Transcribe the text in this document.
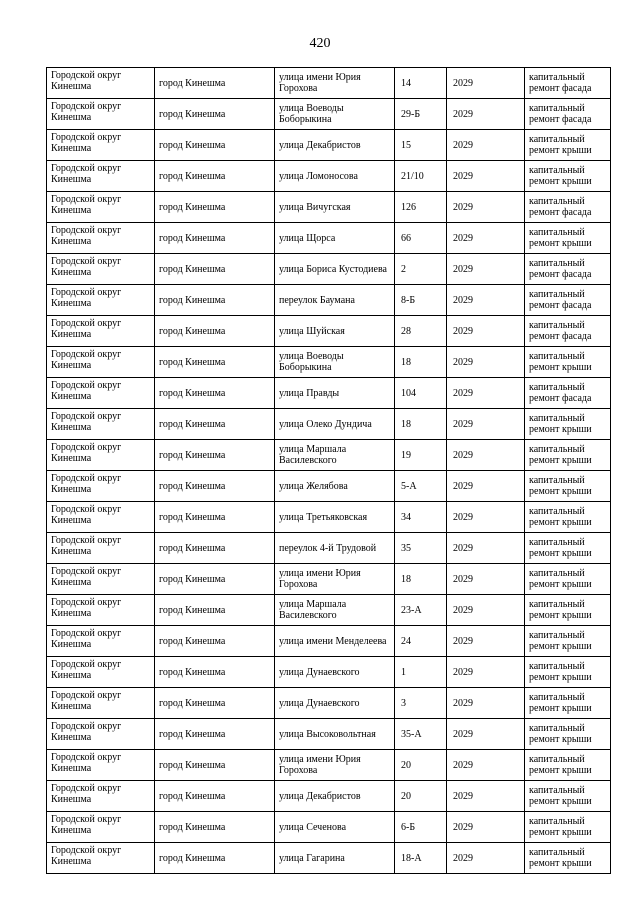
420
Городской округ Кинешма	город Кинешма	улица имени Юрия Горохова	14	2029	капитальный ремонт фасада
Городской округ Кинешма	город Кинешма	улица Воеводы Боборыкина	29-Б	2029	капитальный ремонт фасада
Городской округ Кинешма	город Кинешма	улица Декабристов	15	2029	капитальный ремонт крыши
Городской округ Кинешма	город Кинешма	улица Ломоносова	21/10	2029	капитальный ремонт крыши
Городской округ Кинешма	город Кинешма	улица Вичугская	126	2029	капитальный ремонт фасада
Городской округ Кинешма	город Кинешма	улица Щорса	66	2029	капитальный ремонт крыши
Городской округ Кинешма	город Кинешма	улица Бориса Кустодиева	2	2029	капитальный ремонт фасада
Городской округ Кинешма	город Кинешма	переулок Баумана	8-Б	2029	капитальный ремонт фасада
Городской округ Кинешма	город Кинешма	улица Шуйская	28	2029	капитальный ремонт фасада
Городской округ Кинешма	город Кинешма	улица Воеводы Боборыкина	18	2029	капитальный ремонт крыши
Городской округ Кинешма	город Кинешма	улица Правды	104	2029	капитальный ремонт фасада
Городской округ Кинешма	город Кинешма	улица Олеко Дундича	18	2029	капитальный ремонт крыши
Городской округ Кинешма	город Кинешма	улица Маршала Василевского	19	2029	капитальный ремонт крыши
Городской округ Кинешма	город Кинешма	улица Желябова	5-А	2029	капитальный ремонт крыши
Городской округ Кинешма	город Кинешма	улица Третьяковская	34	2029	капитальный ремонт крыши
Городской округ Кинешма	город Кинешма	переулок 4-й Трудовой	35	2029	капитальный ремонт крыши
Городской округ Кинешма	город Кинешма	улица имени Юрия Горохова	18	2029	капитальный ремонт крыши
Городской округ Кинешма	город Кинешма	улица Маршала Василевского	23-А	2029	капитальный ремонт крыши
Городской округ Кинешма	город Кинешма	улица имени Менделеева	24	2029	капитальный ремонт крыши
Городской округ Кинешма	город Кинешма	улица Дунаевского	1	2029	капитальный ремонт крыши
Городской округ Кинешма	город Кинешма	улица Дунаевского	3	2029	капитальный ремонт крыши
Городской округ Кинешма	город Кинешма	улица Высоковольтная	35-А	2029	капитальный ремонт крыши
Городской округ Кинешма	город Кинешма	улица имени Юрия Горохова	20	2029	капитальный ремонт крыши
Городской округ Кинешма	город Кинешма	улица Декабристов	20	2029	капитальный ремонт крыши
Городской округ Кинешма	город Кинешма	улица Сеченова	6-Б	2029	капитальный ремонт крыши
Городской округ Кинешма	город Кинешма	улица Гагарина	18-А	2029	капитальный ремонт крыши
